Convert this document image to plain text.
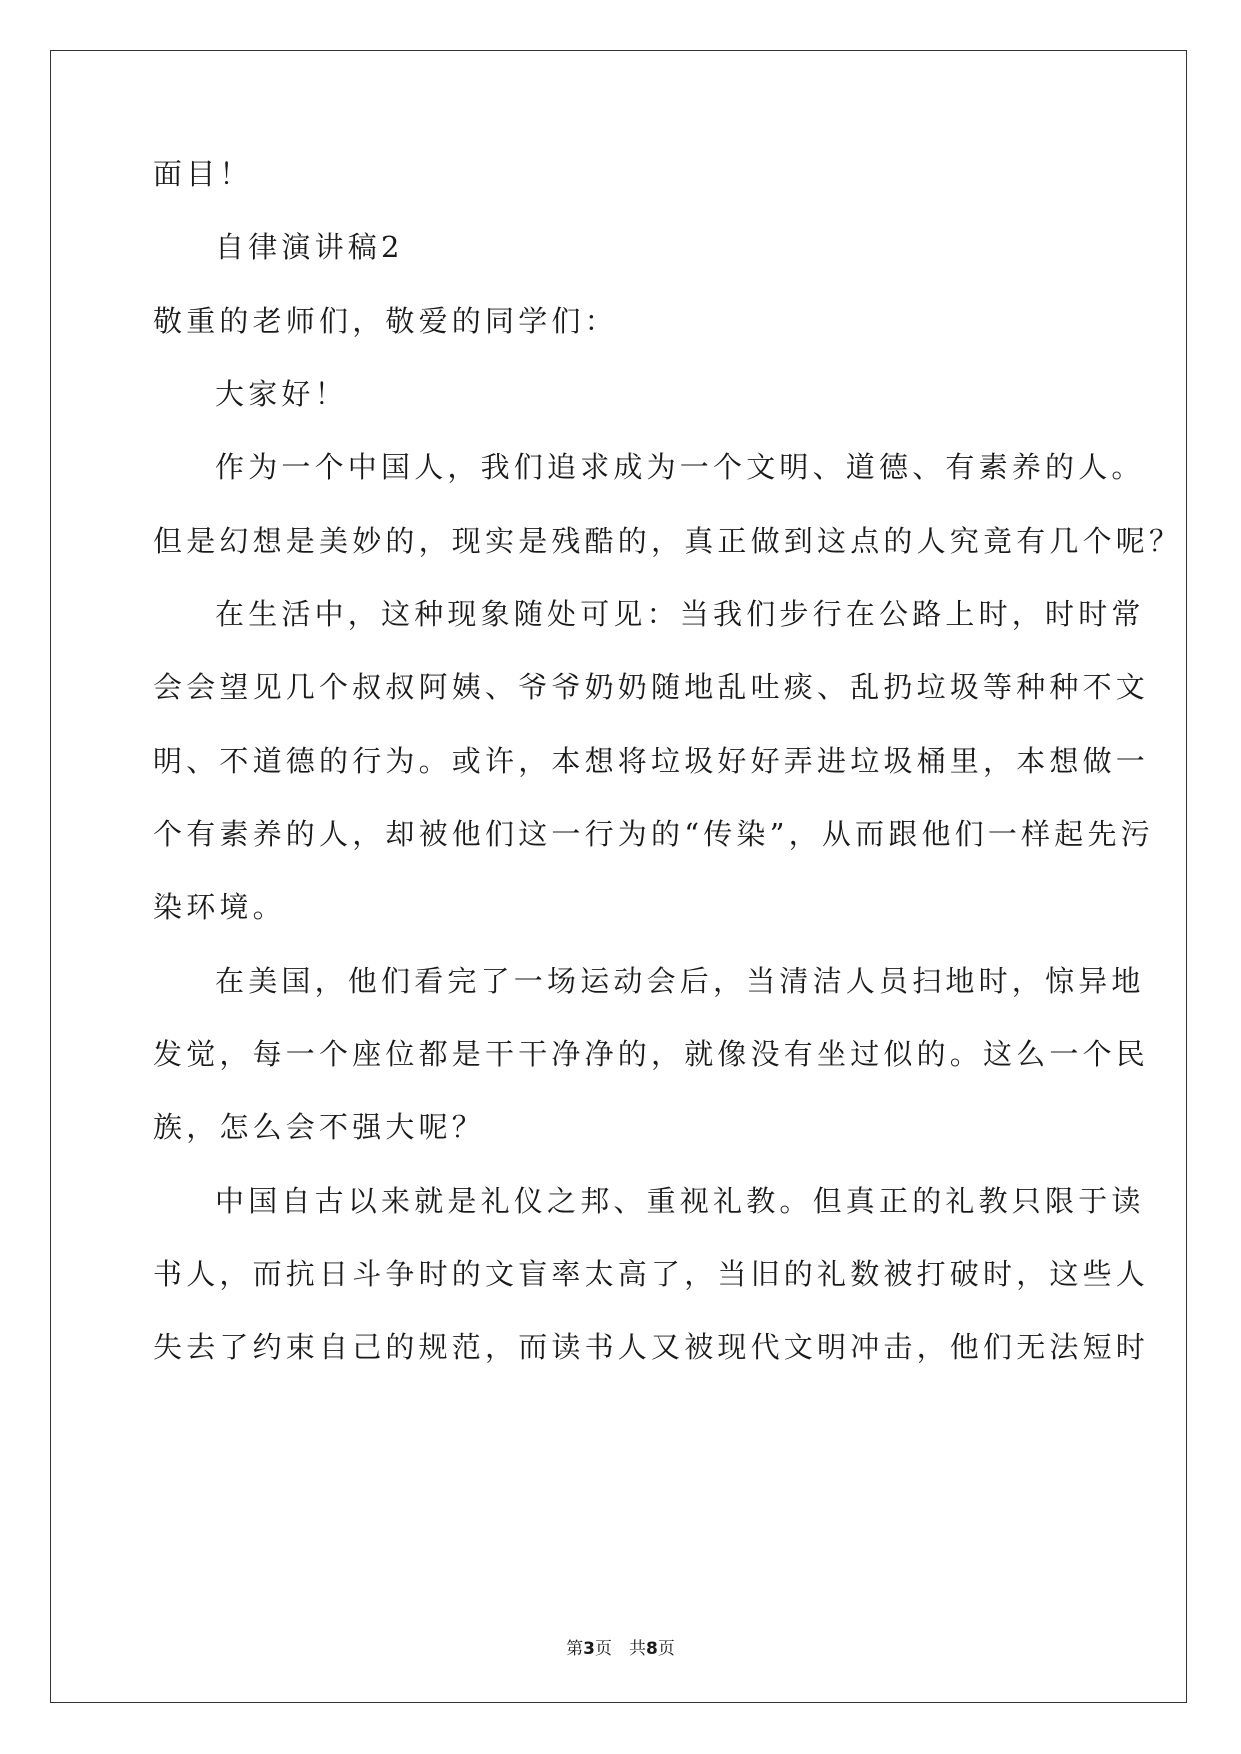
面目！
自律演讲稿2
敬重的老师们，敬爱的同学们：
大家好！
作为一个中国人，我们追求成为一个文明、道德、有素养的人。
但是幻想是美妙的，现实是残酷的，真正做到这点的人究竟有几个呢？
在生活中，这种现象随处可见：当我们步行在公路上时，时时常
会会望见几个叔叔阿姨、爷爷奶奶随地乱吐痰、乱扔垃圾等种种不文
明、不道德的行为。或许，本想将垃圾好好弄进垃圾桶里，本想做一
个有素养的人，却被他们这一行为的“传染”，从而跟他们一样起先污
染环境。
在美国，他们看完了一场运动会后，当清洁人员扫地时，惊异地
发觉，每一个座位都是干干净净的，就像没有坐过似的。这么一个民
族，怎么会不强大呢？
中国自古以来就是礼仪之邦、重视礼教。但真正的礼教只限于读
书人，而抗日斗争时的文盲率太高了，当旧的礼数被打破时，这些人
失去了约束自己的规范，而读书人又被现代文明冲击，他们无法短时
第3页　共8页
